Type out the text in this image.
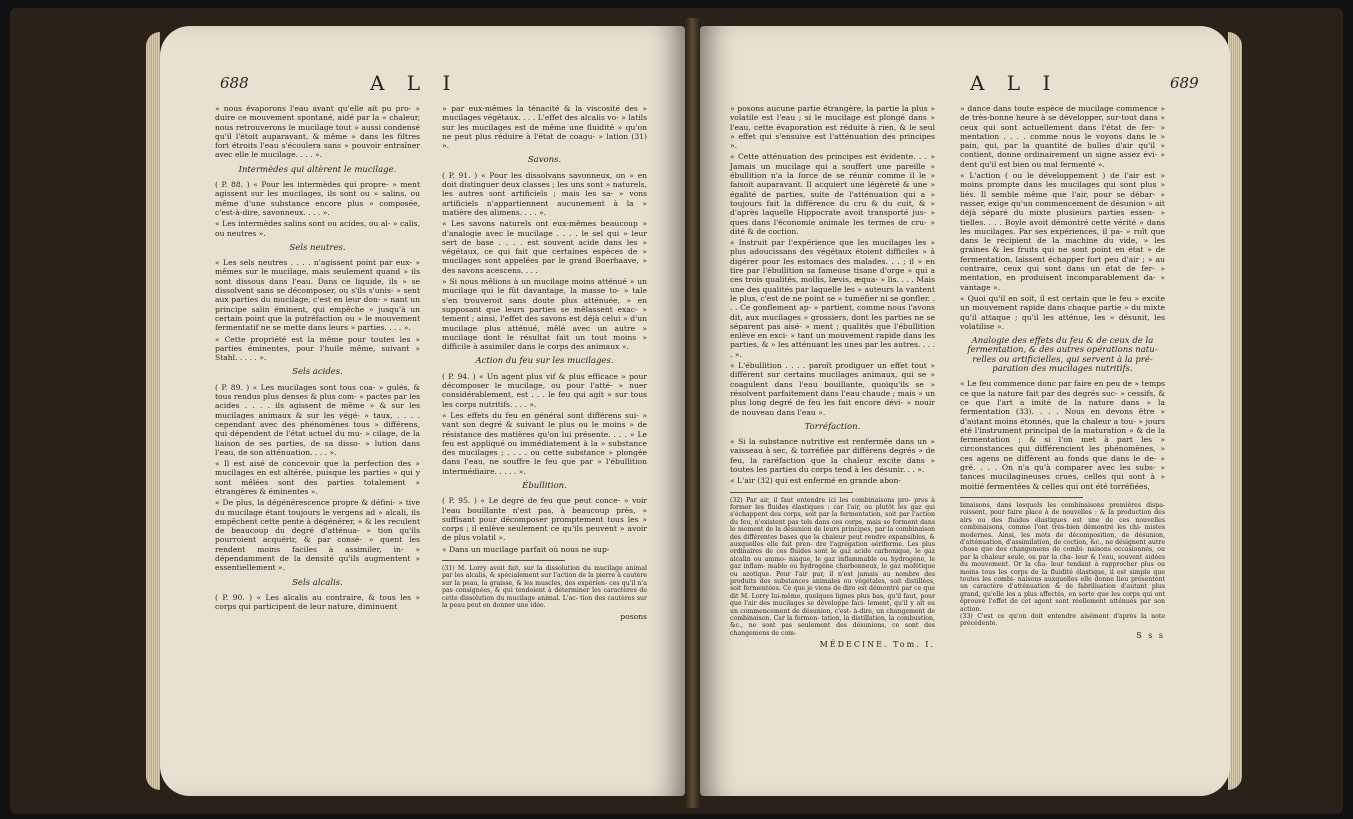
688	A L I

» nous évaporons l'eau avant qu'elle ait pu pro- » duire ce mouvement spontané, aidé par la » chaleur, nous retrouverons le mucilage tout » aussi condensé qu'il l'étoit auparavant, & même » dans les filtres fort étroits l'eau s'écoulera sans » pouvoir entraîner avec elle le mucilage. . . . ».

Intermèdes qui altèrent le mucilage.

( P. 88. ) « Pour les intermèdes qui propre- » ment agissent sur les mucilages, ils sont ou » salins, ou même d'une substance encore plus » composée, c'est-à-dire, savonneux. . . . ».

« Les intermèdes salins sont ou acides, ou al- » calis, ou neutres ».

Sels neutres.

« Les sels neutres . . . . n'agissent point par eux- » mêmes sur le mucilage, mais seulement quand » ils sont dissous dans l'eau. Dans ce liquide, ils » se dissolvent sans se décomposer, ou s'ils s'unis- » sent aux parties du mucilage, c'est en leur don- » nant un principe salin éminent, qui empêche » jusqu'à un certain point que la putréfaction ou » le mouvement fermentatif ne se mette dans leurs » parties. . . . ».

« Cette propriété est la même pour toutes les » parties éminentes, pour l'huile même, suivant » Stahl. . . . . ».

Sels acides.

( P. 89. ) « Les mucilages sont tous coa- » gulés, & tous rendus plus denses & plus com- » pactes par les acides . . . . ils agissent de même » & sur les mucilages animaux & sur les végé- » taux, . . . . cependant avec des phénomènes tous » différens, qui dépendent de l'état actuel du mu- » cilage, de la liaison de ses parties, de sa disso- » lution dans l'eau, de son atténuation. . . . ».

« Il est aisé de concevoir que la perfection des » mucilages en est altérée, puisque les parties » qui y sont mêlées sont des parties totalement » étrangères & éminentes ».

« De plus, la dégénérescence propre & défini- » tive du mucilage étant toujours le vergens ad » alcali, ils empêchent cette pente à dégénérer, » & les reculent de beaucoup du degré d'atténua- » tion qu'ils pourroient acquérir, & par consé- » quent les rendent moins faciles à assimiler, in- » dépendamment de la densité qu'ils augmentent » essentiellement ».

Sels alcalis.

( P. 90. ) « Les alcalis au contraire, & tous les » corps qui participent de leur nature, diminuent

» par eux-mêmes la ténacité & la viscosité des » mucilages végétaux. . . . L'effet des alcalis vo- » latils sur les mucilages est de même une fluidité » qu'on ne peut plus réduire à l'état de coagu- » lation (31) ».

Savons.

( P. 91. ) « Pour les dissolvans savonneux, on » en doit distinguer deux classes ; les uns sont » naturels, les autres sont artificiels ; mais les sa- » vons artificiels n'appartiennent aucunement à la » matière des alimens. . . . ».

« Les savons naturels ont eux-mêmes beaucoup » d'analogie avec le mucilage . . . . le sel qui » leur sert de base . . . . est souvent acide dans les » végétaux, ce qui fait que certaines espèces de » mucilages sont appelées par le grand Boerhaave, » des savons acescens. . . .

» Si nous mêlions à un mucilage moins atténué » un mucilage qui le fût davantage, la masse to- » tale s'en trouveroit sans doute plus atténuée, » en supposant que leurs parties se mêlassent exac- » tement ; ainsi, l'effet des savons est déjà celui » d'un mucilage plus atténué, mêlé avec un autre » mucilage dont le résultat fait un tout moins » difficile à assimiler dans le corps des animaux ».

Action du feu sur les mucilages.

( P. 94. ) « Un agent plus vif & plus efficace » pour décomposer le mucilage, ou pour l'atté- » nuer considérablement, est . . . le feu qui agit » sur tous les corps nutritifs. . . . ».

« Les effets du feu en général sont différens sui- » vant son degré & suivant le plus ou le moins » de résistance des matières qu'on lui présente. . . . » Le feu est appliqué ou immédiatement à la » substance des mucilages ; . . . . ou cette substance » plongée dans l'eau, ne souffre le feu que par » l'ébullition intermédiaire. . . . . ».

Ébullition.

( P. 95. ) « Le degré de feu que peut conce- » voir l'eau bouillante n'est pas, à beaucoup près, » suffisant pour décomposer promptement tous les » corps ; il enlève seulement ce qu'ils peuvent » avoir de plus volatil ».

« Dans un mucilage parfait où nous ne sup-

(31) M. Lorry avoit fait, sur la dissolution du mucilage animal par les alcalis, & spécialement sur l'action de la pierre à cautère sur la peau, la graisse, & les muscles, des expérien- ces qu'il n'a pas consignées, & qui tendoient à déterminer les caractères de cette dissolution du mucilage animal. L'ac- tion des cautères sur la peau peut en donner une idée.
posons
A L I	689

» posons aucune partie étrangère, la partie la plus » volatile est l'eau ; si le mucilage est plongé dans » l'eau, cette évaporation est réduite à rien, & le seul » effet qui s'ensuive est l'atténuation des principes ».

« Cette atténuation des principes est évidente. . . » Jamais un mucilage qui a souffert une pareille » ébullition n'a la force de se réunir comme il le » faisoit auparavant. Il acquiert une légèreté & une » égalité de parties, suite de l'atténuation qui a » toujours fait la différence du cru & du cuit, & » d'après laquelle Hippocrate avoit transporté jus- » ques dans l'économie animale les termes de cru- » dité & de coction.

« Instruit par l'expérience que les mucilages les » plus adoucissans des végétaux étoient difficiles » à digérer pour les estomacs des malades. . . ; il » en tire par l'ébullition sa fameuse tisane d'orge » qui a ces trois qualités, mollis, lævis, æqua- » lis. . . . Mais une des qualités par laquelle les » auteurs la vantent le plus, c'est de ne point se » tuméfier ni se gonfler. . . . Ce gonflement ap- » partient, comme nous l'avons dit, aux mucilages » grossiers, dont les parties ne se séparent pas aisé- » ment ; qualités que l'ébullition enlève en exci- » tant un mouvement rapide dans les parties, & » les atténuant les unes par les autres. . . . . ».

« L'ébullition . . . . paroît prodiguer un effet tout » différent sur certains mucilages animaux, qui se » coagulent dans l'eau bouillante, quoiqu'ils se » résolvent parfaitement dans l'eau chaude ; mais » un plus long degré de feu les fait encore dévi- » nouir de nouveau dans l'eau ».

Torréfaction.

« Si la substance nutritive est renfermée dans un » vaisseau à sec, & torréfiée par différens degrés » de feu, la raréfaction que la chaleur excite dans » toutes les parties du corps tend à les désunir. . . ».

« L'air (32) qui est enfermé en grande abon-

(32) Par air, il faut entendre ici les combinaisons pro- pres à former les fluides élastiques : car l'air, ou plutôt les gaz qui s'échappent des corps, soit par la fermentation, soit par l'action du feu, n'existent pas tels dans ces corps, mais se forment dans le moment de la désunion de leurs principes, par la combinaison des différentes bases que la chaleur peut rendre expansibles, & auxquelles elle fait pren- dre l'agrégation aériforme. Les plus ordinaires de ces fluides sont le gaz acide carbonique, le gaz alcalin ou ammo- niaque, le gaz inflammable ou hydrogène, le gaz inflam- mable ou hydrogène charbonneux, le gaz mofétique ou azotique. Pour l'air pur, il n'est jamais au nombre des produits des substances animales ou végétales, soit distillées, soit fermentées. Ce que je viens de dire est démontré par ce que dit M. Lorry lui-même, quelques lignes plus bas, qu'il faut, pour que l'air des mucilages se développe faci- lement, qu'il y ait eu un commencement de désunion, c'est- à-dire, un changement de combinaison. Car la fermen- tation, la distillation, la combustion, &c., ne sont pas seulement des désunions, ce sont des changemens de com-
MÉDECINE. Tom. I.

» dance dans toute espèce de mucilage commence » de très-bonne heure à se développer, sur-tout dans » ceux qui sont actuellement dans l'état de fer- » mentation . . . . comme nous le voyons dans le » pain, qui, par la quantité de bulles d'air qu'il » contient, donne ordinairement un signe assez évi- » dent qu'il est bien ou mal fermenté ».

« L'action ( ou le développement ) de l'air est » moins prompte dans les mucilages qui sont plus » liés. Il semble même que l'air, pour se débar- » rasser, exige qu'un commencement de désunion » ait déjà séparé du mixte plusieurs parties essen- » tielles. . . . Boyle avoit démontré cette vérité » dans les mucilages. Par ses expériences, il pa- » roît que dans le récipient de la machine du vide, » les graines & les fruits qui ne sont point en état » de fermentation, laissent échapper fort peu d'air ; » au contraire, ceux qui sont dans un état de fer- » mentation, en produisent incomparablement da- » vantage ».

« Quoi qu'il en soit, il est certain que le feu » excite un mouvement rapide dans chaque partie » du mixte qu'il attaque ; qu'il les atténue, les » désunit, les volatilise ».

Analogie des effets du feu & de ceux de la fermentation, & des autres opérations natu- relles ou artificielles, qui servent à la pré- paration des mucilages nutritifs.

« Le feu commence donc par faire en peu de » temps ce que la nature fait par des degrés suc- » cessifs, & ce que l'art a imité de la nature dans » la fermentation (33). . . . Nous en devons être » d'autant moins étonnés, que la chaleur a tou- » jours été l'instrument principal de la maturation » & de la fermentation ; & si l'on met à part les » circonstances qui différencient les phénomènes, » ces agens ne diffèrent au fonds que dans le de- » gré. . . . On n'a qu'à comparer avec les subs- » tances mucilagineuses crues, celles qui sont à » moitié fermentées & celles qui ont été torréfiées,

binaisons, dans lesquels les combinaisons premières dispa- roissent, pour faire place à de nouvelles : & la production des airs ou des fluides élastiques est une de ces nouvelles combinaisons, comme l'ont très-bien démontré les chi- mistes modernes. Ainsi, les mots de décomposition, de désunion, d'atténuation, d'assimilation, de coction, &c., ne désignent autre chose que des changemens de combi- naisons occasionnés, ou par la chaleur seule, ou par la cha- leur & l'eau, souvent aidées du mouvement. Or la cha- leur tendant à rapprocher plus ou moins tous les corps de la fluidité élastique, il est simple que toutes les combi- naisons auxquelles elle donne lieu présentent un caractère d'atténuation & de fabrilisation d'autant plus grand, qu'elle les a plus affectés, en sorte que les corps qui ont éprouvé l'effet de cet agent sont réellement atténués par son action.
(33) C'est ce qu'on doit entendre aisément d'après la note précédente.
S s s
